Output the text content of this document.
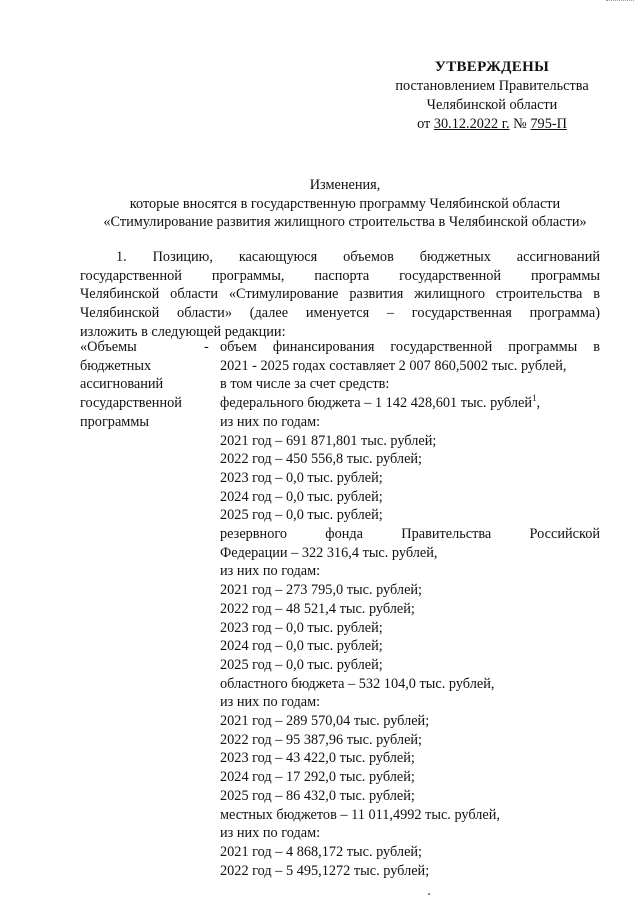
УТВЕРЖДЕНЫ
постановлением Правительства
Челябинской области
от 30.12.2022 г. № 795-П
Изменения,
которые вносятся в государственную программу Челябинской области
«Стимулирование развития жилищного строительства в Челябинской области»
1. Позицию, касающуюся объемов бюджетных ассигнований
государственной программы, паспорта государственной программы
Челябинской области «Стимулирование развития жилищного строительства в
Челябинской области» (далее именуется – государственная программа)
изложить в следующей редакции:
«Объемы
бюджетных
ассигнований
государственной
программы
- объем финансирования государственной программы в
2021 - 2025 годах составляет 2 007 860,5002 тыс. рублей,
в том числе за счет средств:
федерального бюджета – 1 142 428,601 тыс. рублей$^1$,
из них по годам:
2021 год – 691 871,801 тыс. рублей;
2022 год – 450 556,8 тыс. рублей;
2023 год – 0,0 тыс. рублей;
2024 год – 0,0 тыс. рублей;
2025 год – 0,0 тыс. рублей;
резервного фонда Правительства Российской
Федерации – 322 316,4 тыс. рублей,
из них по годам:
2021 год – 273 795,0 тыс. рублей;
2022 год – 48 521,4 тыс. рублей;
2023 год – 0,0 тыс. рублей;
2024 год – 0,0 тыс. рублей;
2025 год – 0,0 тыс. рублей;
областного бюджета – 532 104,0 тыс. рублей,
из них по годам:
2021 год – 289 570,04 тыс. рублей;
2022 год – 95 387,96 тыс. рублей;
2023 год – 43 422,0 тыс. рублей;
2024 год – 17 292,0 тыс. рублей;
2025 год – 86 432,0 тыс. рублей;
местных бюджетов – 11 011,4992 тыс. рублей,
из них по годам:
2021 год – 4 868,172 тыс. рублей;
2022 год – 5 495,1272 тыс. рублей;
